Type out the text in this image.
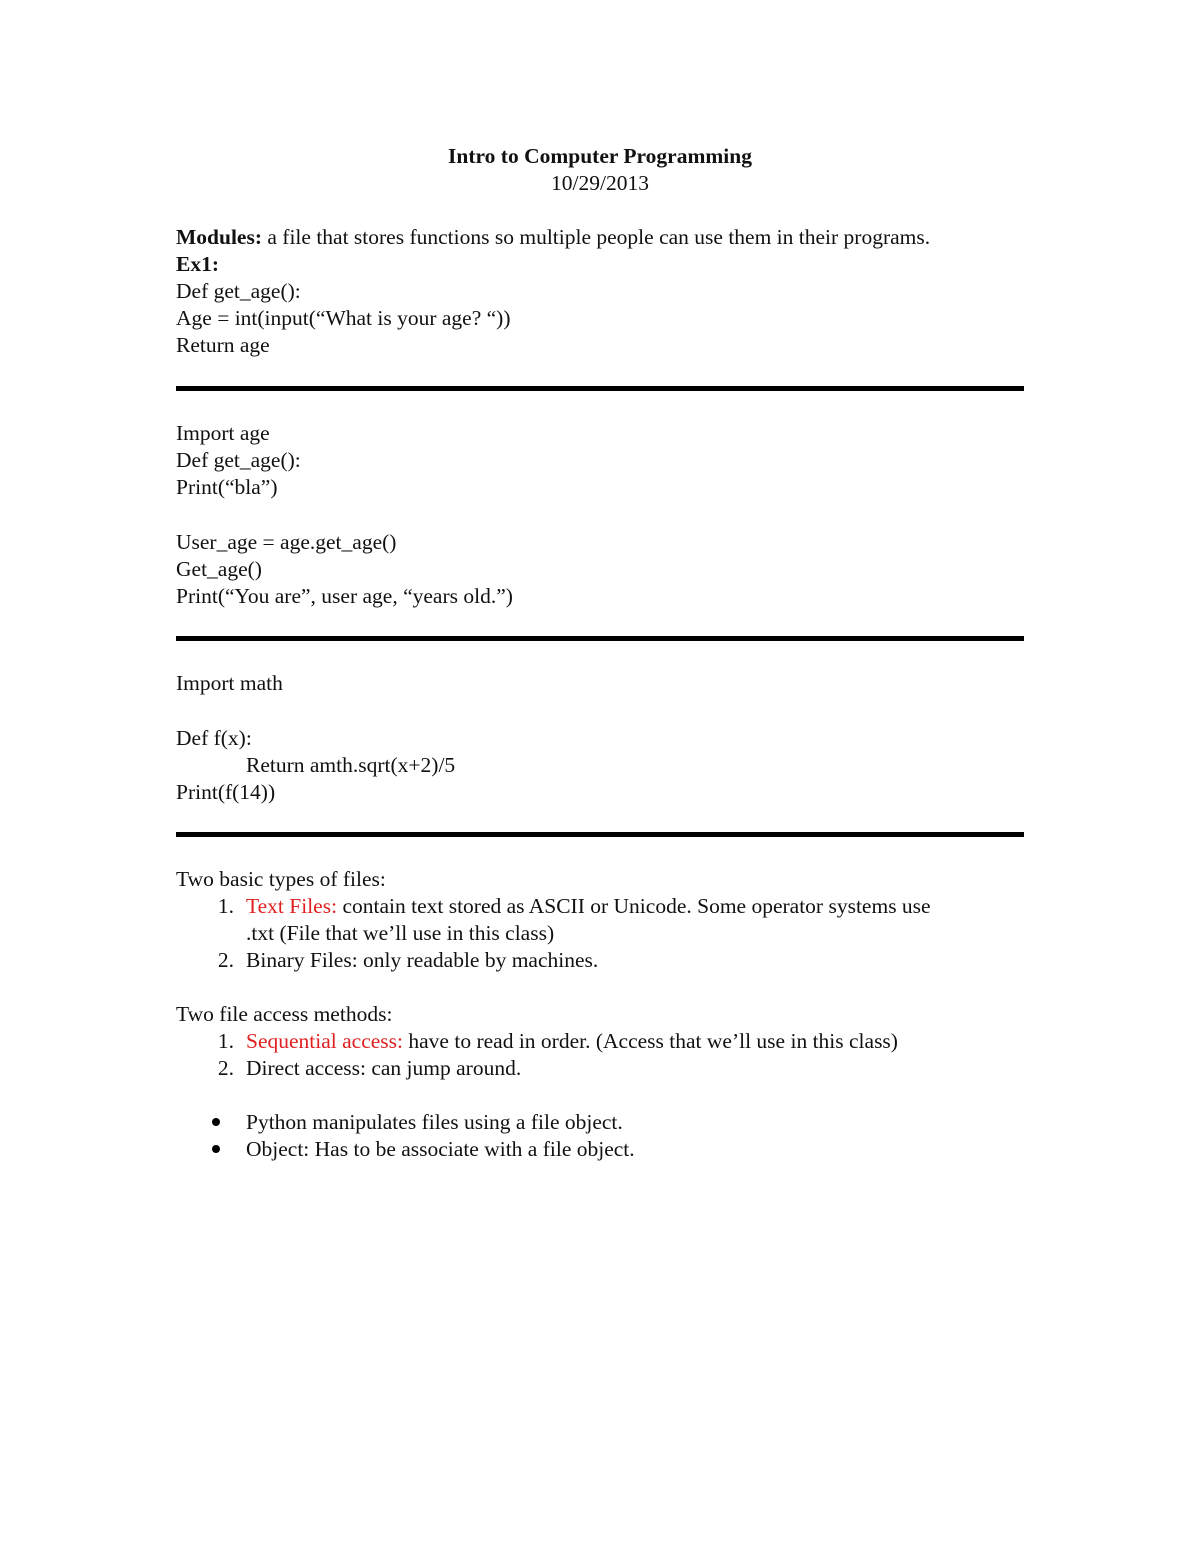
Intro to Computer Programming
10/29/2013
Modules: a file that stores functions so multiple people can use them in their programs.
Ex1:
Def get_age():
Age = int(input(“What is your age? “))
Return age
Import age
Def get_age():
Print(“bla”)
User_age = age.get_age()
Get_age()
Print(“You are”, user age, “years old.”)
Import math
Def f(x):
Return amth.sqrt(x+2)/5
Print(f(14))
Two basic types of files:
1. Text Files: contain text stored as ASCII or Unicode. Some operator systems use
.txt (File that we’ll use in this class)
2. Binary Files: only readable by machines.
Two file access methods:
1. Sequential access: have to read in order. (Access that we’ll use in this class)
2. Direct access: can jump around.
Python manipulates files using a file object.
Object: Has to be associate with a file object.
